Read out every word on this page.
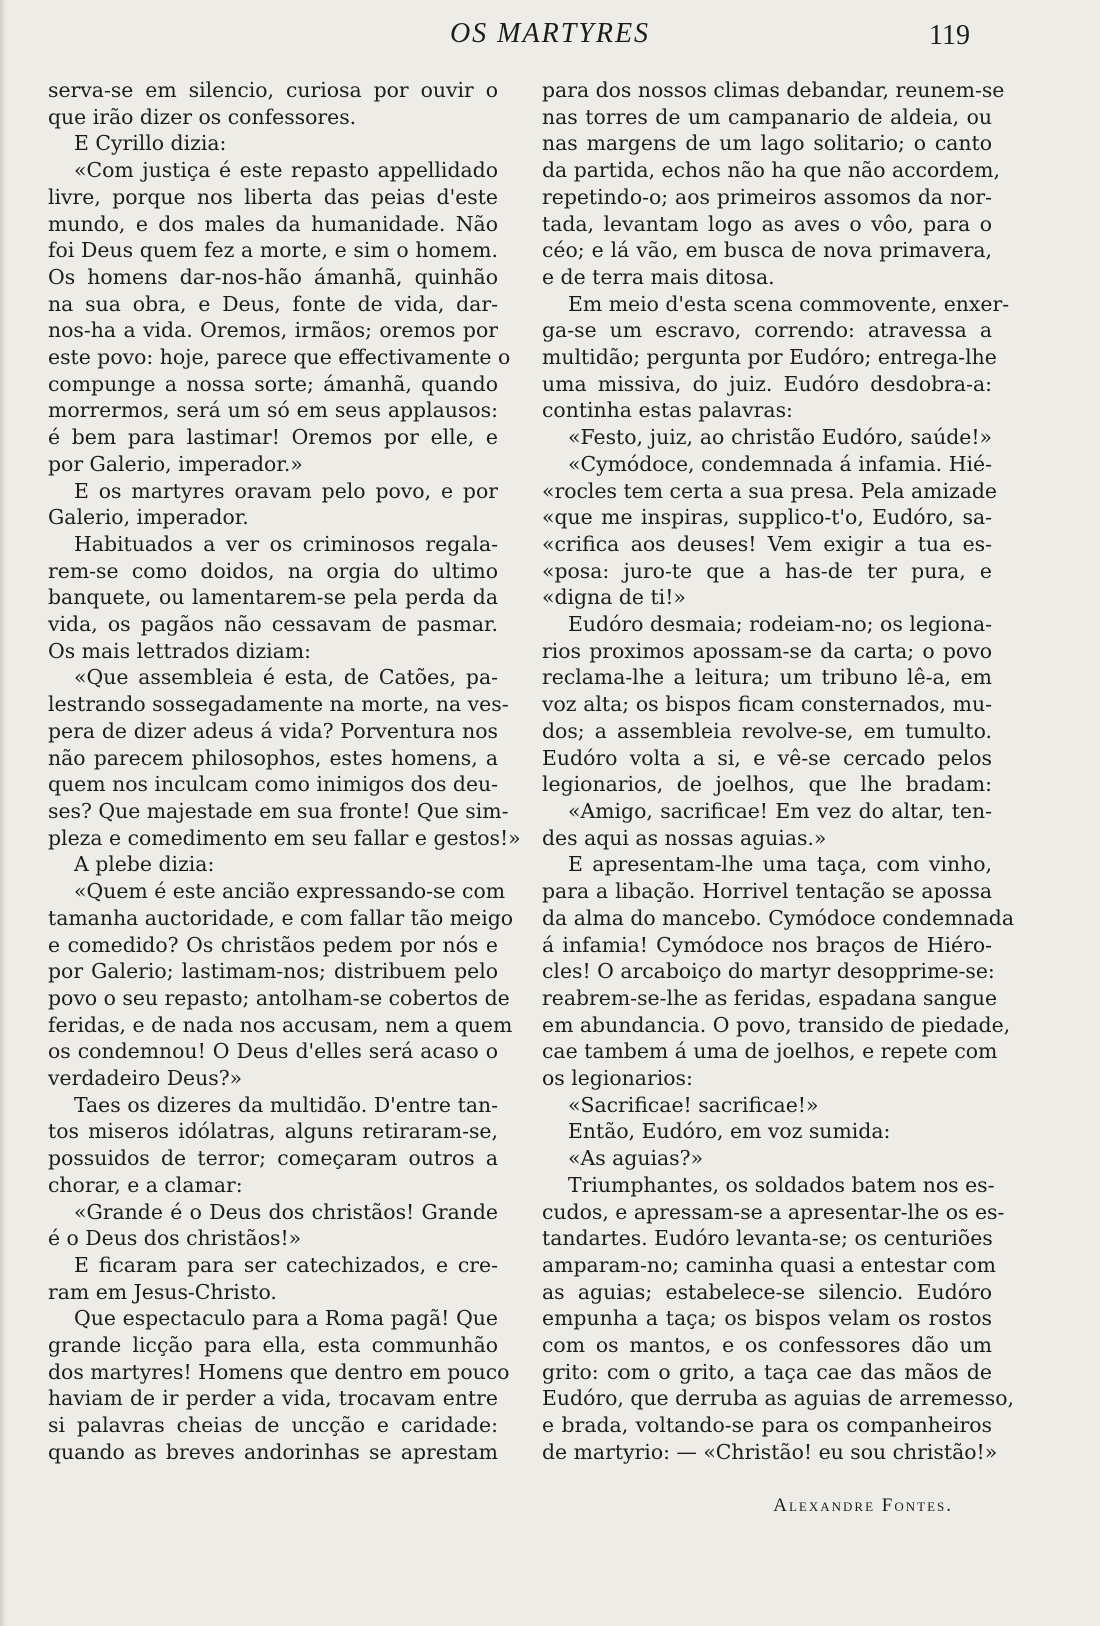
OS MARTYRES	119
serva-se em silencio, curiosa por ouvir o
que irão dizer os confessores.
E Cyrillo dizia:
«Com justiça é este repasto appellidado
livre, porque nos liberta das peias d'este
mundo, e dos males da humanidade. Não
foi Deus quem fez a morte, e sim o homem.
Os homens dar-nos-hão ámanhã, quinhão
na sua obra, e Deus, fonte de vida, dar-
nos-ha a vida. Oremos, irmãos; oremos por
este povo: hoje, parece que effectivamente o
compunge a nossa sorte; ámanhã, quando
morrermos, será um só em seus applausos:
é bem para lastimar! Oremos por elle, e
por Galerio, imperador.»
E os martyres oravam pelo povo, e por
Galerio, imperador.
Habituados a ver os criminosos regala-
rem-se como doidos, na orgia do ultimo
banquete, ou lamentarem-se pela perda da
vida, os pagãos não cessavam de pasmar.
Os mais lettrados diziam:
«Que assembleia é esta, de Catões, pa-
lestrando sossegadamente na morte, na ves-
pera de dizer adeus á vida? Porventura nos
não parecem philosophos, estes homens, a
quem nos inculcam como inimigos dos deu-
ses? Que majestade em sua fronte! Que sim-
pleza e comedimento em seu fallar e gestos!»
A plebe dizia:
«Quem é este ancião expressando-se com
tamanha auctoridade, e com fallar tão meigo
e comedido? Os christãos pedem por nós e
por Galerio; lastimam-nos; distribuem pelo
povo o seu repasto; antolham-se cobertos de
feridas, e de nada nos accusam, nem a quem
os condemnou! O Deus d'elles será acaso o
verdadeiro Deus?»
Taes os dizeres da multidão. D'entre tan-
tos miseros idólatras, alguns retiraram-se,
possuidos de terror; começaram outros a
chorar, e a clamar:
«Grande é o Deus dos christãos! Grande
é o Deus dos christãos!»
E ficaram para ser catechizados, e cre-
ram em Jesus-Christo.
Que espectaculo para a Roma pagã! Que
grande licção para ella, esta communhão
dos martyres! Homens que dentro em pouco
haviam de ir perder a vida, trocavam entre
si palavras cheias de uncção e caridade:
quando as breves andorinhas se aprestam
para dos nossos climas debandar, reunem-se
nas torres de um campanario de aldeia, ou
nas margens de um lago solitario; o canto
da partida, echos não ha que não accordem,
repetindo-o; aos primeiros assomos da nor-
tada, levantam logo as aves o vôo, para o
céo; e lá vão, em busca de nova primavera,
e de terra mais ditosa.
Em meio d'esta scena commovente, enxer-
ga-se um escravo, correndo: atravessa a
multidão; pergunta por Eudóro; entrega-lhe
uma missiva, do juiz. Eudóro desdobra-a:
continha estas palavras:
«Festo, juiz, ao christão Eudóro, saúde!»
«Cymódoce, condemnada á infamia. Hié-
«rocles tem certa a sua presa. Pela amizade
«que me inspiras, supplico-t'o, Eudóro, sa-
«crifica aos deuses! Vem exigir a tua es-
«posa: juro-te que a has-de ter pura, e
«digna de ti!»
Eudóro desmaia; rodeiam-no; os legiona-
rios proximos apossam-se da carta; o povo
reclama-lhe a leitura; um tribuno lê-a, em
voz alta; os bispos ficam consternados, mu-
dos; a assembleia revolve-se, em tumulto.
Eudóro volta a si, e vê-se cercado pelos
legionarios, de joelhos, que lhe bradam:
«Amigo, sacrificae! Em vez do altar, ten-
des aqui as nossas aguias.»
E apresentam-lhe uma taça, com vinho,
para a libação. Horrivel tentação se apossa
da alma do mancebo. Cymódoce condemnada
á infamia! Cymódoce nos braços de Hiéro-
cles! O arcaboiço do martyr desopprime-se:
reabrem-se-lhe as feridas, espadana sangue
em abundancia. O povo, transido de piedade,
cae tambem á uma de joelhos, e repete com
os legionarios:
«Sacrificae! sacrificae!»
Então, Eudóro, em voz sumida:
«As aguias?»
Triumphantes, os soldados batem nos es-
cudos, e apressam-se a apresentar-lhe os es-
tandartes. Eudóro levanta-se; os centuriões
amparam-no; caminha quasi a entestar com
as aguias; estabelece-se silencio. Eudóro
empunha a taça; os bispos velam os rostos
com os mantos, e os confessores dão um
grito: com o grito, a taça cae das mãos de
Eudóro, que derruba as aguias de arremesso,
e brada, voltando-se para os companheiros
de martyrio: — «Christão! eu sou christão!»
Alexandre Fontes.
